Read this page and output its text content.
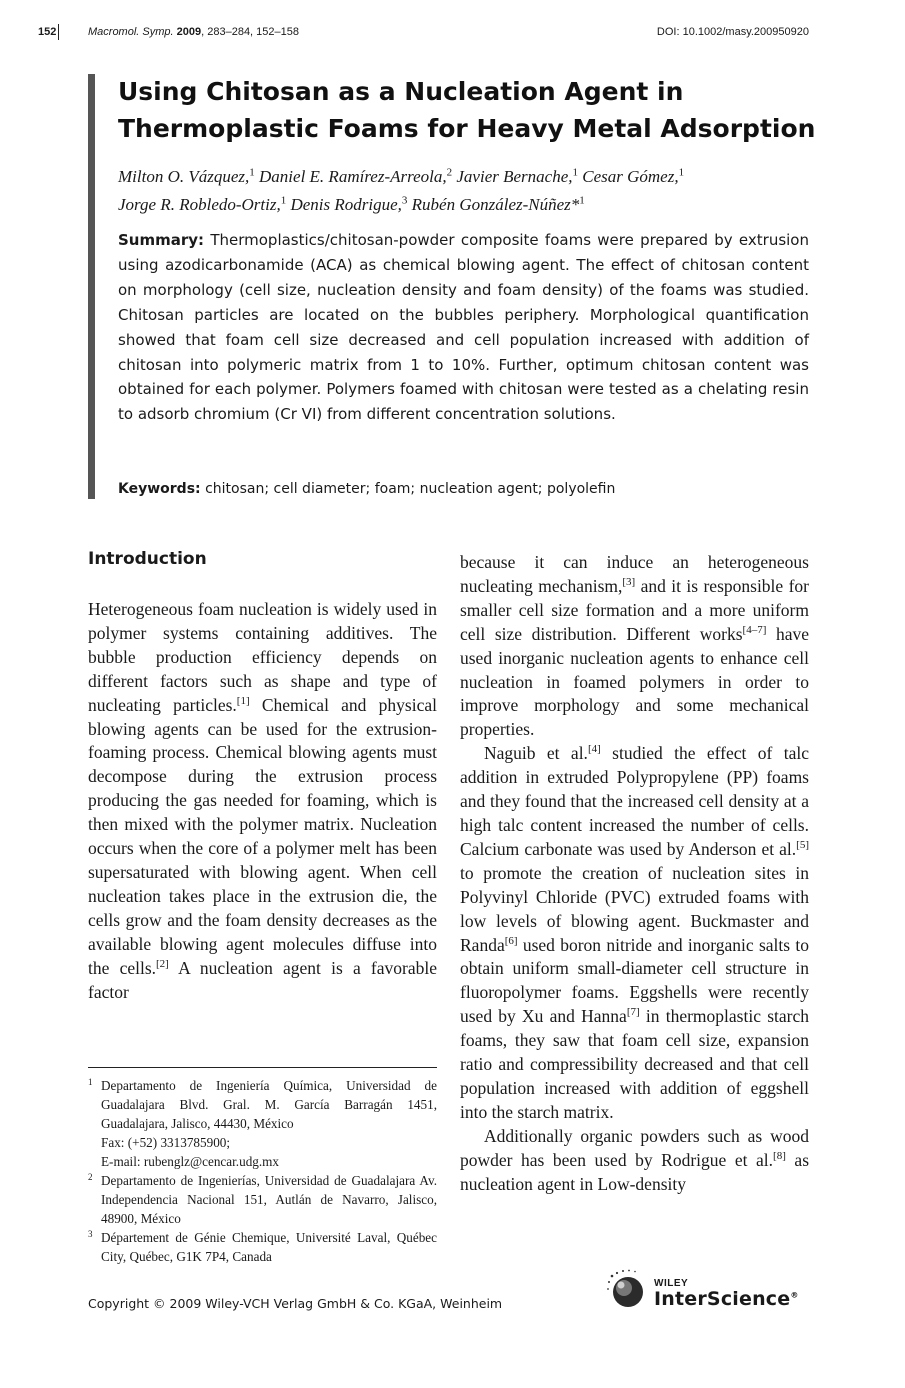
152	Macromol. Symp. 2009, 283–284, 152–158	DOI: 10.1002/masy.200950920
Using Chitosan as a Nucleation Agent in Thermoplastic Foams for Heavy Metal Adsorption
Milton O. Vázquez,$^1$ Daniel E. Ramírez-Arreola,$^2$ Javier Bernache,$^1$ Cesar Gómez,$^1$
Jorge R. Robledo-Ortiz,$^1$ Denis Rodrigue,$^3$ Rubén González-Núñez*$^1$
Summary: Thermoplastics/chitosan-powder composite foams were prepared by extrusion using azodicarbonamide (ACA) as chemical blowing agent. The effect of chitosan content on morphology (cell size, nucleation density and foam density) of the foams was studied. Chitosan particles are located on the bubbles periphery. Morphological quantification showed that foam cell size decreased and cell population increased with addition of chitosan into polymeric matrix from 1 to 10%. Further, optimum chitosan content was obtained for each polymer. Polymers foamed with chitosan were tested as a chelating resin to adsorb chromium (Cr VI) from different concentration solutions.
Keywords: chitosan; cell diameter; foam; nucleation agent; polyolefin
Introduction

Heterogeneous foam nucleation is widely used in polymer systems containing additives. The bubble production efficiency depends on different factors such as shape and type of nucleating particles.[1] Chemical and physical blowing agents can be used for the extrusion-foaming process. Chemical blowing agents must decompose during the extrusion process producing the gas needed for foaming, which is then mixed with the polymer matrix. Nucleation occurs when the core of a polymer melt has been supersaturated with blowing agent. When cell nucleation takes place in the extrusion die, the cells grow and the foam density decreases as the available blowing agent molecules diffuse into the cells.[2] A nucleation agent is a favorable factor

because it can induce an heterogeneous nucleating mechanism,[3] and it is responsible for smaller cell size formation and a more uniform cell size distribution. Different works[4–7] have used inorganic nucleation agents to enhance cell nucleation in foamed polymers in order to improve morphology and some mechanical properties.

Naguib et al.[4] studied the effect of talc addition in extruded Polypropylene (PP) foams and they found that the increased cell density at a high talc content increased the number of cells. Calcium carbonate was used by Anderson et al.[5] to promote the creation of nucleation sites in Polyvinyl Chloride (PVC) extruded foams with low levels of blowing agent. Buckmaster and Randa[6] used boron nitride and inorganic salts to obtain uniform small-diameter cell structure in fluoropolymer foams. Eggshells were recently used by Xu and Hanna[7] in thermoplastic starch foams, they saw that foam cell size, expansion ratio and compressibility decreased and that cell population increased with addition of eggshell into the starch matrix.

Additionally organic powders such as wood powder has been used by Rodrigue et al.[8] as nucleation agent in Low-density

1 Departamento de Ingeniería Química, Universidad de Guadalajara Blvd. Gral. M. García Barragán 1451, Guadalajara, Jalisco, 44430, México
Fax: (+52) 3313785900;
E-mail: rubenglz@cencar.udg.mx
2 Departamento de Ingenierías, Universidad de Guadalajara Av. Independencia Nacional 151, Autlán de Navarro, Jalisco, 48900, México
3 Département de Génie Chemique, Université Laval, Québec City, Québec, G1K 7P4, Canada
Copyright © 2009 Wiley-VCH Verlag GmbH & Co. KGaA, Weinheim
WILEY
InterScience®
